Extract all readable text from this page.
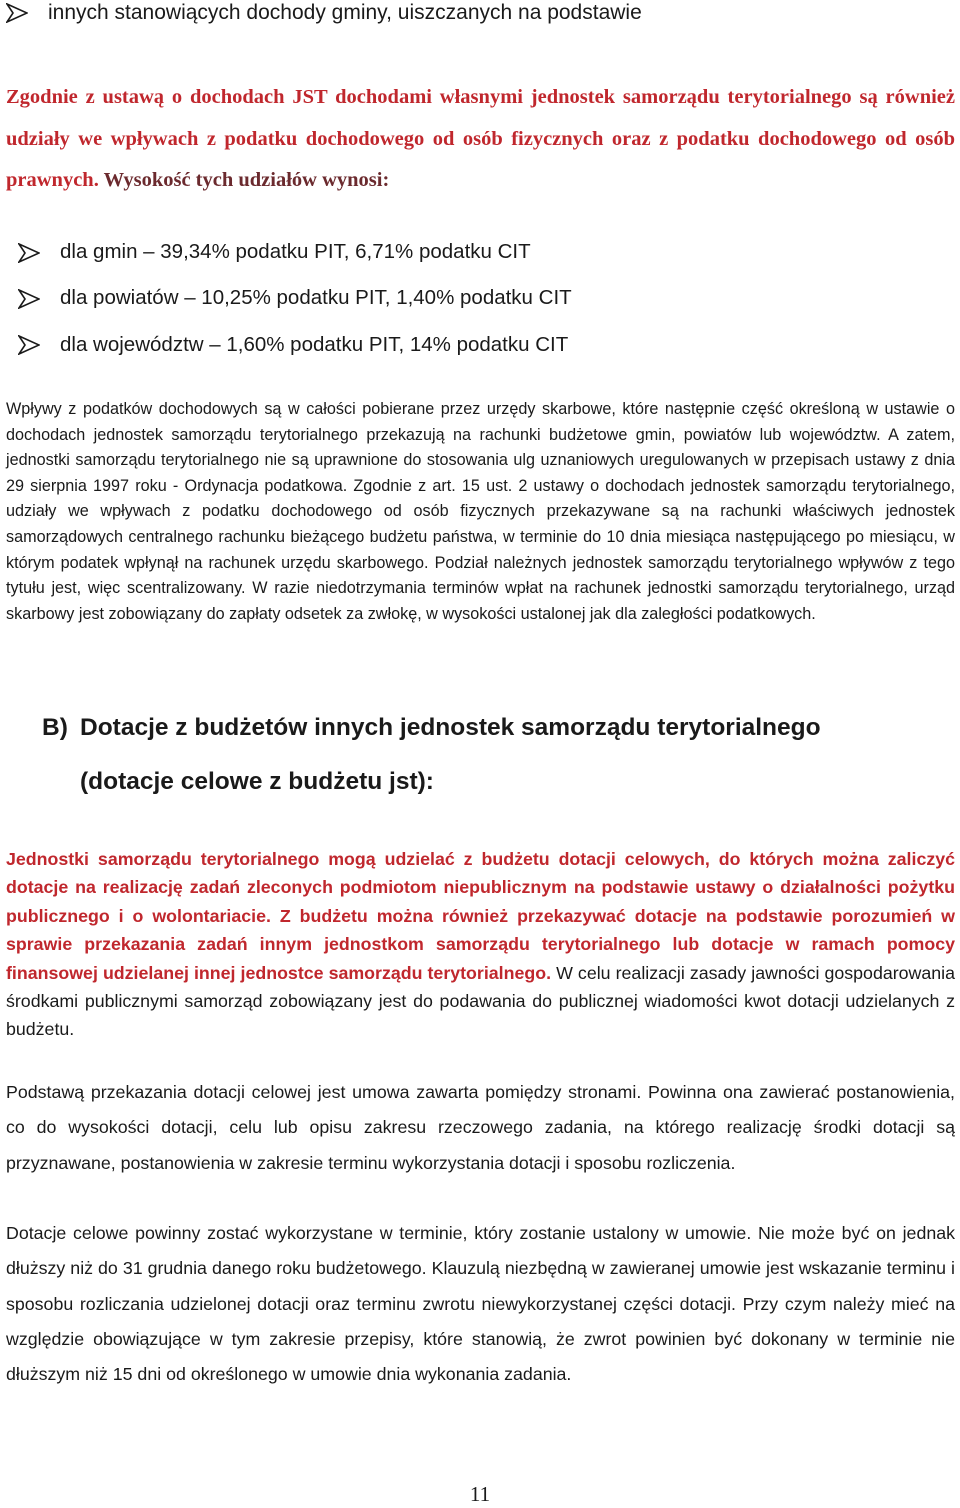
innych stanowiących dochody gminy, uiszczanych na podstawie

Zgodnie z ustawą o dochodach JST dochodami własnymi jednostek samorządu terytorialnego są również udziały we wpływach z podatku dochodowego od osób fizycznych oraz z podatku dochodowego od osób prawnych. Wysokość tych udziałów wynosi:

dla gmin – 39,34% podatku PIT, 6,71% podatku CIT
dla powiatów – 10,25% podatku PIT, 1,40% podatku CIT
dla województw – 1,60% podatku PIT, 14% podatku CIT

Wpływy z podatków dochodowych są w całości pobierane przez urzędy skarbowe, które następnie część określoną w ustawie o dochodach jednostek samorządu terytorialnego przekazują na rachunki budżetowe gmin, powiatów lub województw. A zatem, jednostki samorządu terytorialnego nie są uprawnione do stosowania ulg uznaniowych uregulowanych w przepisach ustawy z dnia 29 sierpnia 1997 roku - Ordynacja podatkowa. Zgodnie z art. 15 ust. 2 ustawy o dochodach jednostek samorządu terytorialnego, udziały we wpływach z podatku dochodowego od osób fizycznych przekazywane są na rachunki właściwych jednostek samorządowych centralnego rachunku bieżącego budżetu państwa, w terminie do 10 dnia miesiąca następującego po miesiącu, w którym podatek wpłynął na rachunek urzędu skarbowego. Podział należnych jednostek samorządu terytorialnego wpływów z tego tytułu jest, więc scentralizowany. W razie niedotrzymania terminów wpłat na rachunek jednostki samorządu terytorialnego, urząd skarbowy jest zobowiązany do zapłaty odsetek za zwłokę, w wysokości ustalonej jak dla zaległości podatkowych.

B) Dotacje z budżetów innych jednostek samorządu terytorialnego
(dotacje celowe z budżetu jst):

Jednostki samorządu terytorialnego mogą udzielać z budżetu dotacji celowych, do których można zaliczyć dotacje na realizację zadań zleconych podmiotom niepublicznym na podstawie ustawy o działalności pożytku publicznego i o wolontariacie. Z budżetu można również przekazywać dotacje na podstawie porozumień w sprawie przekazania zadań innym jednostkom samorządu terytorialnego lub dotacje w ramach pomocy finansowej udzielanej innej jednostce samorządu terytorialnego. W celu realizacji zasady jawności gospodarowania środkami publicznymi samorząd zobowiązany jest do podawania do publicznej wiadomości kwot dotacji udzielanych z budżetu.

Podstawą przekazania dotacji celowej jest umowa zawarta pomiędzy stronami. Powinna ona zawierać postanowienia, co do wysokości dotacji, celu lub opisu zakresu rzeczowego zadania, na którego realizację środki dotacji są przyznawane, postanowienia w zakresie terminu wykorzystania dotacji i sposobu rozliczenia.

Dotacje celowe powinny zostać wykorzystane w terminie, który zostanie ustalony w umowie. Nie może być on jednak dłuższy niż do 31 grudnia danego roku budżetowego. Klauzulą niezbędną w zawieranej umowie jest wskazanie terminu i sposobu rozliczania udzielonej dotacji oraz terminu zwrotu niewykorzystanej części dotacji. Przy czym należy mieć na względzie obowiązujące w tym zakresie przepisy, które stanowią, że zwrot powinien być dokonany w terminie nie dłuższym niż 15 dni od określonego w umowie dnia wykonania zadania.

11
